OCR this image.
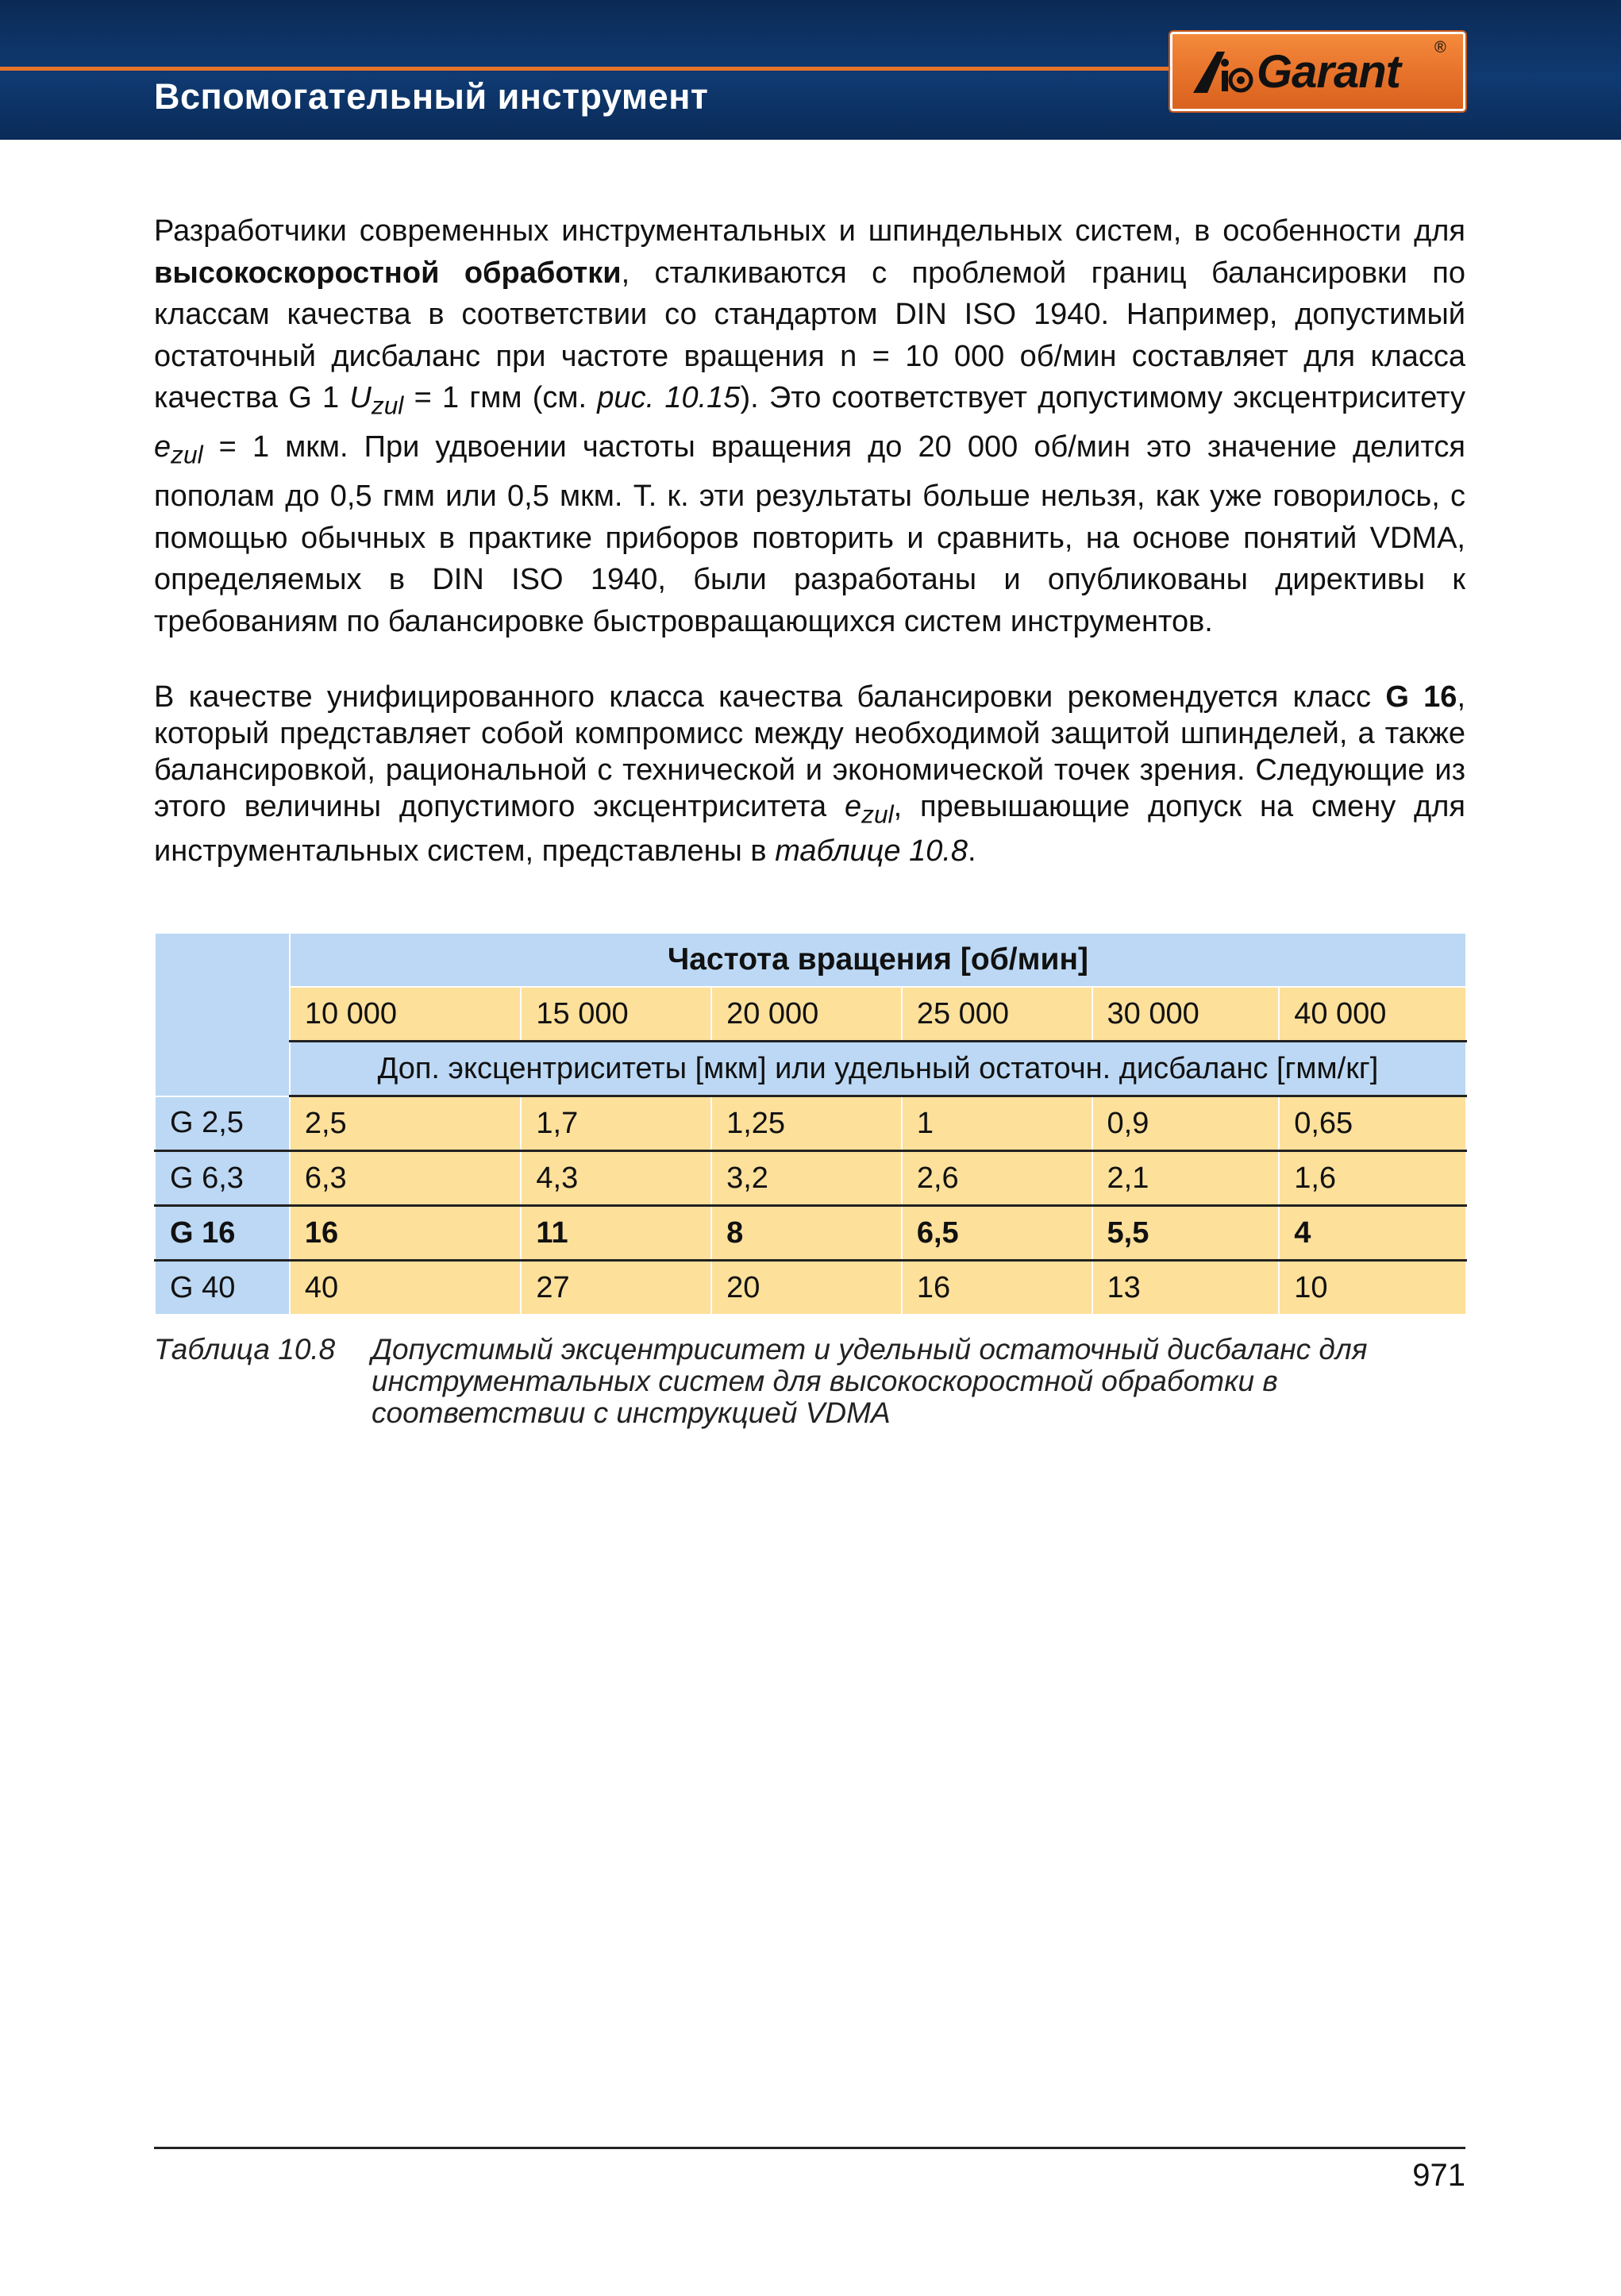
Вспомогательный инструмент	Garant ®
Разработчики современных инструментальных и шпиндельных систем, в особенности для высокоскоростной обработки, сталкиваются с проблемой границ балансировки по классам качества в соответствии со стандартом DIN ISO 1940. Например, допустимый остаточный дисбаланс при частоте вращения n = 10 000 об/мин составляет для класса качества G 1 $U_{zul} = 1$ гмм (см. рис. 10.15). Это соответствует допустимому эксцентриситету $e_{zul} = 1$ мкм. При удвоении частоты вращения до 20 000 об/мин это значение делится пополам до 0,5 гмм или 0,5 мкм. Т. к. эти результаты больше нельзя, как уже говорилось, с помощью обычных в практике приборов повторить и сравнить, на основе понятий VDMA, определяемых в DIN ISO 1940, были разработаны и опубликованы директивы к требованиям по балансировке быстровращающихся систем инструментов.
В качестве унифицированного класса качества балансировки рекомендуется класс G 16, который представляет собой компромисс между необходимой защитой шпинделей, а также балансировкой, рациональной с технической и экономической точек зрения. Следующие из этого величины допустимого эксцентриситета $e_{zul}$, превышающие допуск на смену для инструментальных систем, представлены в таблице 10.8.
	Частота вращения [об/мин]					
	10 000	15 000	20 000	25 000	30 000	40 000
	Доп. эксцентриситеты [мкм] или удельный остаточн. дисбаланс [гмм/кг]					
G 2,5	2,5	1,7	1,25	1	0,9	0,65
G 6,3	6,3	4,3	3,2	2,6	2,1	1,6
G 16	16	11	8	6,5	5,5	4
G 40	40	27	20	16	13	10
Таблица 10.8 Допустимый эксцентриситет и удельный остаточный дисбаланс для
инструментальных систем для высокоскоростной обработки в
соответствии с инструкцией VDMA
971
